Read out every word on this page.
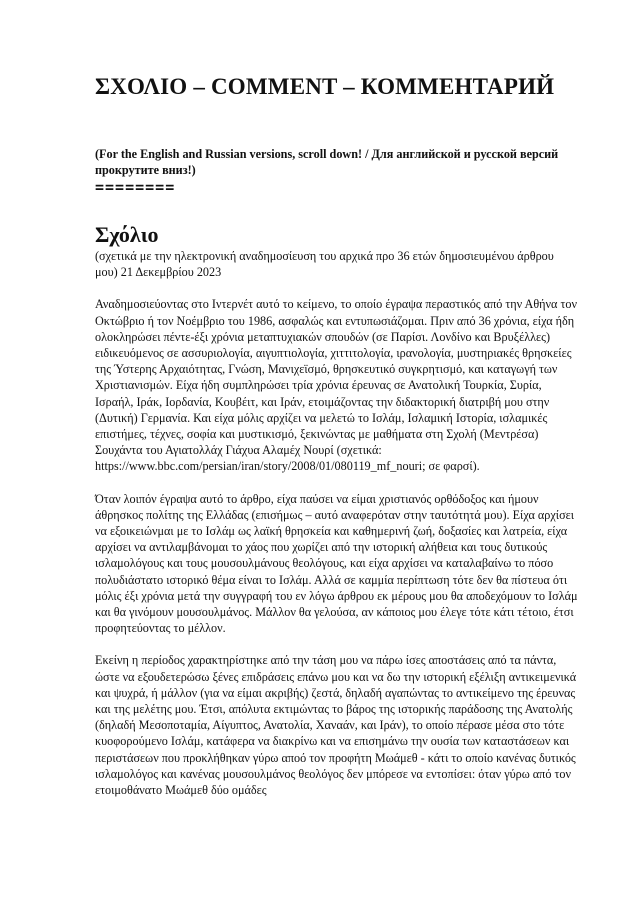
ΣΧΟΛΙΟ – COMMENT – КОММЕНТАРИЙ

(For the English and Russian versions, scroll down! / Для английской и русской версий прокрутите вниз!)

========

Σχόλιο

(σχετικά με την ηλεκτρονική αναδημοσίευση του αρχικά προ 36 ετών δημοσιευμένου άρθρου μου) 21 Δεκεμβρίου 2023

Αναδημοσιεύοντας στο Ιντερνέτ αυτό το κείμενο, το οποίο έγραψα περαστικός από την Αθήνα τον Οκτώβριο ή τον Νοέμβριο του 1986, ασφαλώς και εντυπωσιάζομαι. Πριν από 36 χρόνια, είχα ήδη ολοκληρώσει πέντε-έξι χρόνια μεταπτυχιακών σπουδών (σε Παρίσι. Λονδίνο και Βρυξέλλες) ειδικευόμενος σε ασσυριολογία, αιγυπτιολογία, χιττιτολογία, ιρανολογία, μυστηριακές θρησκείες της Ύστερης Αρχαιότητας, Γνώση, Μανιχεϊσμό, θρησκευτικό συγκρητισμό, και καταγωγή των Χριστιανισμών. Είχα ήδη συμπληρώσει τρία χρόνια έρευνας σε Ανατολική Τουρκία, Συρία, Ισραήλ, Ιράκ, Ιορδανία, Κουβέιτ, και Ιράν, ετοιμάζοντας την διδακτορική διατριβή μου στην (Δυτική) Γερμανία. Και είχα μόλις αρχίζει να μελετώ το Ισλάμ, Ισλαμική Ιστορία, ισλαμικές επιστήμες, τέχνες, σοφία και μυστικισμό, ξεκινώντας με μαθήματα στη Σχολή (Μεντρέσα) Σουχάντα του Αγιατολλάχ Γιάχυα Αλαμέχ Νουρί (σχετικά: https://www.bbc.com/persian/iran/story/2008/01/080119_mf_nouri; σε φαρσί).

Όταν λοιπόν έγραψα αυτό το άρθρο, είχα παύσει να είμαι χριστιανός ορθόδοξος και ήμουν άθρησκος πολίτης της Ελλάδας (επισήμως – αυτό αναφερόταν στην ταυτότητά μου). Είχα αρχίσει να εξοικειώνμαι με το Ισλάμ ως λαϊκή θρησκεία και καθημερινή ζωή, δοξασίες και λατρεία, είχα αρχίσει να αντιλαμβάνομαι το χάος που χωρίζει από την ιστορική αλήθεια και τους δυτικούς ισλαμολόγους και τους μουσουλμάνους θεολόγους, και είχα αρχίσει να καταλαβαίνω το πόσο πολυδιάστατο ιστορικό θέμα είναι το Ισλάμ. Αλλά σε καμμία περίπτωση τότε δεν θα πίστευα ότι μόλις έξι χρόνια μετά την συγγραφή του εν λόγω άρθρου εκ μέρους μου θα αποδεχόμουν το Ισλάμ και θα γινόμουν μουσουλμάνος. Μάλλον θα γελούσα, αν κάποιος μου έλεγε τότε κάτι τέτοιο, έτσι προφητεύοντας το μέλλον.

Εκείνη η περίοδος χαρακτηρίστηκε από την τάση μου να πάρω ίσες αποστάσεις από τα πάντα, ώστε να εξουδετερώσω ξένες επιδράσεις επάνω μου και να δω την ιστορική εξέλιξη αντικειμενικά και ψυχρά, ή μάλλον (για να είμαι ακριβής) ζεστά, δηλαδή αγαπώντας το αντικείμενο της έρευνας και της μελέτης μου. Έτσι, απόλυτα εκτιμώντας το βάρος της ιστορικής παράδοσης της Ανατολής (δηλαδή Μεσοποταμία, Αίγυπτος, Ανατολία, Χαναάν, και Ιράν), το οποίο πέρασε μέσα στο τότε κυοφορούμενο Ισλάμ, κατάφερα να διακρίνω και να επισημάνω την ουσία των καταστάσεων και περιστάσεων που προκλήθηκαν γύρω αποό τον προφήτη Μωάμεθ - κάτι το οποίο κανένας δυτικός ισλαμολόγος και κανένας μουσουλμάνος θεολόγος δεν μπόρεσε να εντοπίσει: όταν γύρω από τον ετοιμοθάνατο Μωάμεθ δύο ομάδες
